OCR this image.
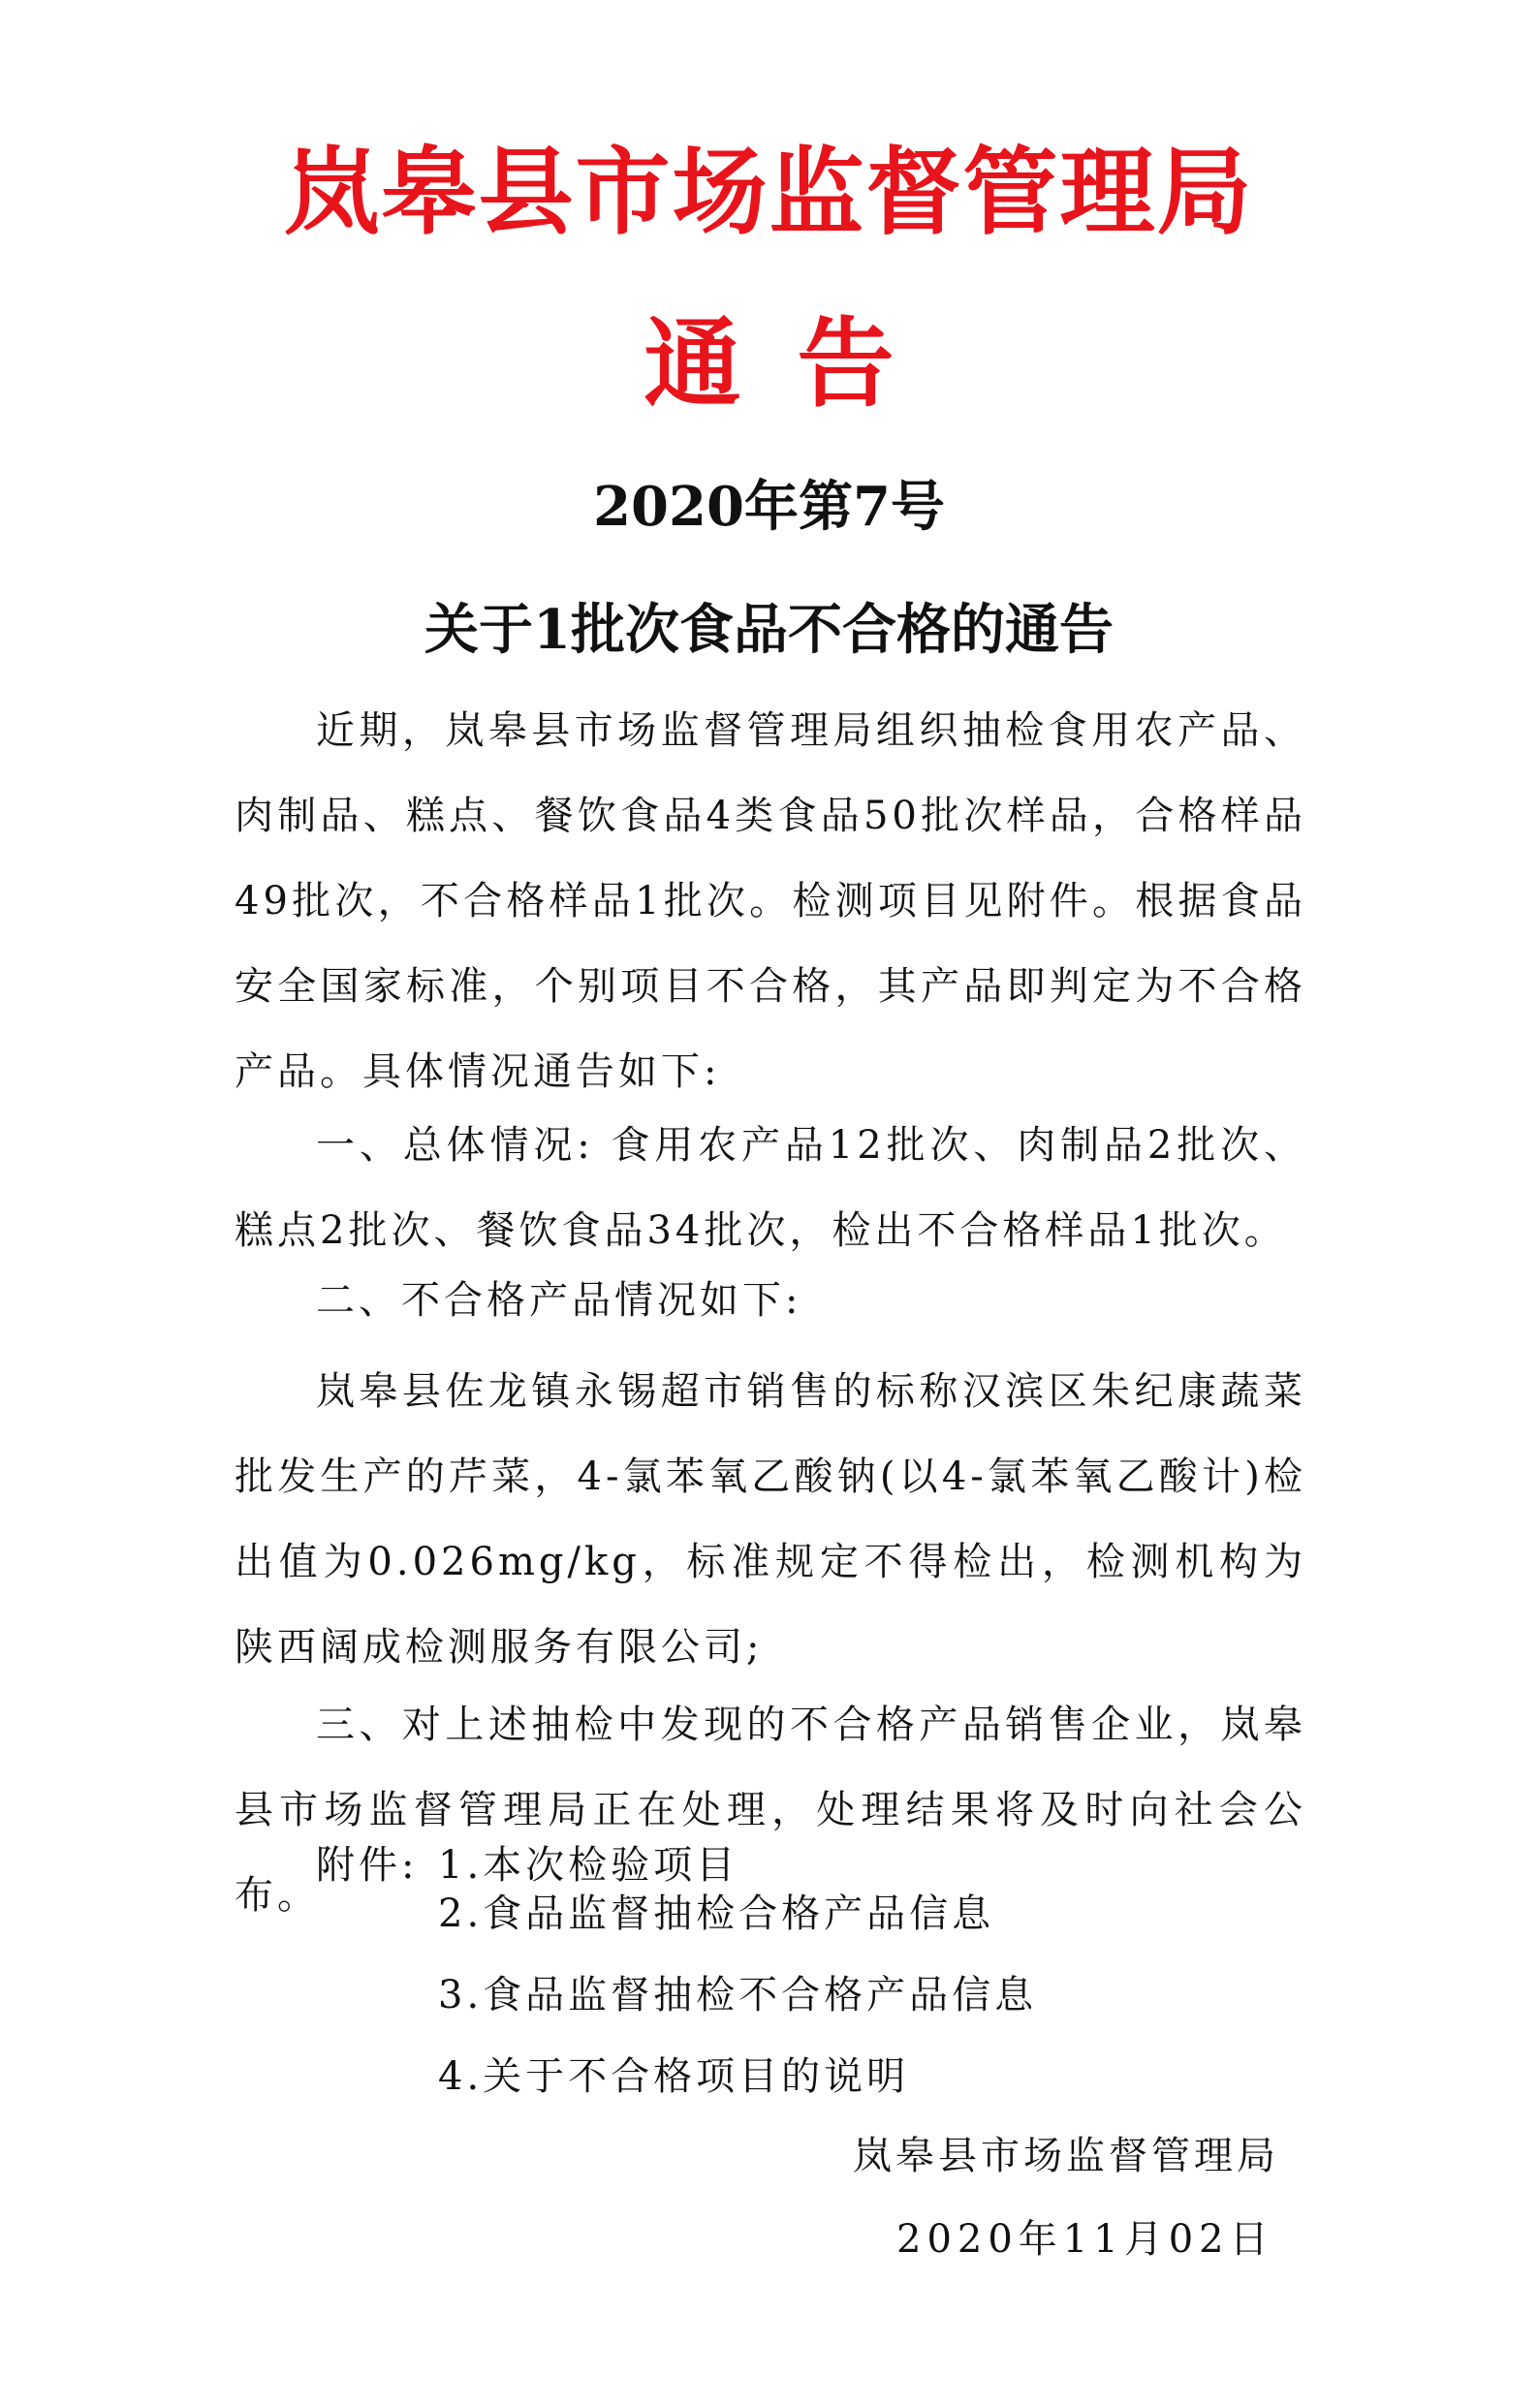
岚皋县市场监督管理局
通 告
2020年第7号
关于1批次食品不合格的通告

近期，岚皋县市场监督管理局组织抽检食用农产品、肉制品、糕点、餐饮食品4类食品50批次样品，合格样品49批次，不合格样品1批次。检测项目见附件。根据食品安全国家标准，个别项目不合格，其产品即判定为不合格产品。具体情况通告如下:

一、总体情况: 食用农产品12批次、肉制品2批次、糕点2批次、餐饮食品34批次，检出不合格样品1批次。

二、不合格产品情况如下:

岚皋县佐龙镇永锡超市销售的标称汉滨区朱纪康蔬菜批发生产的芹菜，4-氯苯氧乙酸钠(以4-氯苯氧乙酸计)检出值为0.026mg/kg，标准规定不得检出，检测机构为陕西阔成检测服务有限公司;

三、对上述抽检中发现的不合格产品销售企业，岚皋县市场监督管理局正在处理，处理结果将及时向社会公布。

附件: 1.本次检验项目
2.食品监督抽检合格产品信息
3.食品监督抽检不合格产品信息
4.关于不合格项目的说明
岚皋县市场监督管理局
2020年11月02日
